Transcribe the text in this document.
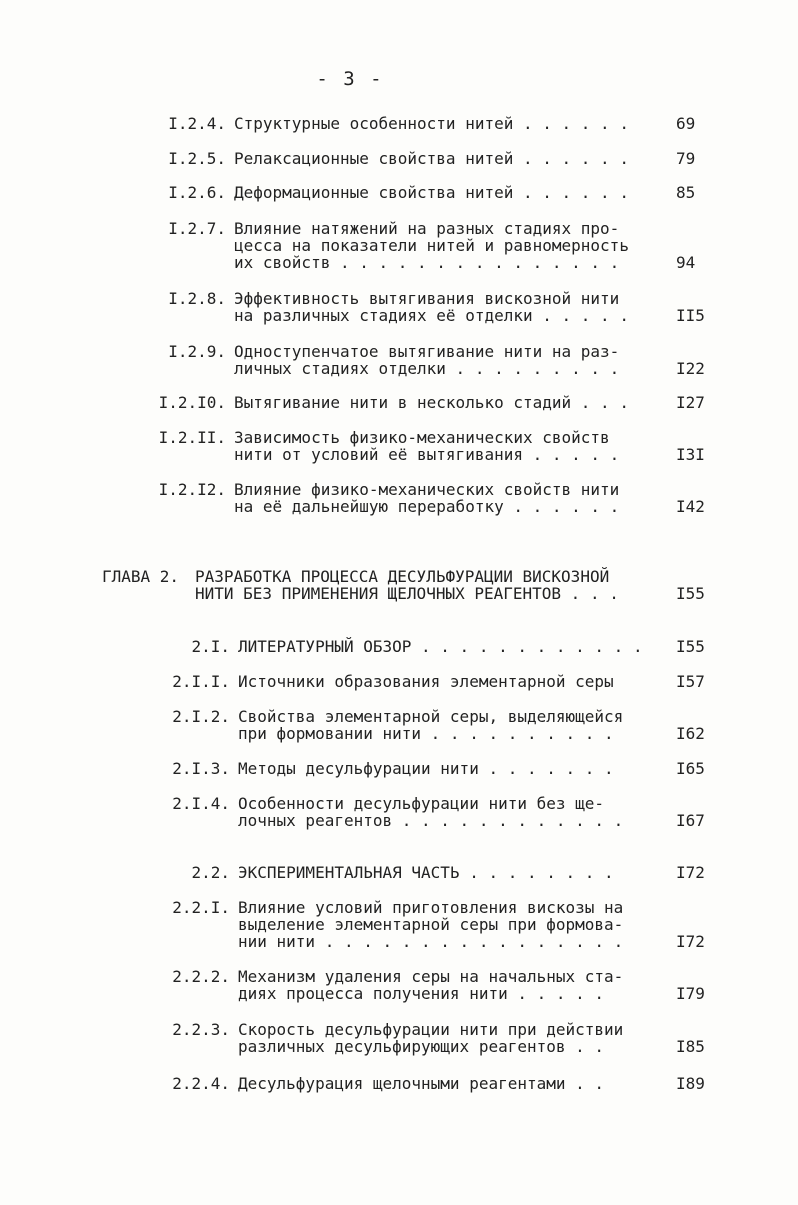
- 3 -
I.2.4. Структурные особенности нитей . . . . . .	69
I.2.5. Релаксационные свойства нитей . . . . . .	79
I.2.6. Деформационные свойства нитей . . . . . .	85
I.2.7. Влияние натяжений на разных стадиях про-
цесса на показатели нитей и равномерность
их свойств . . . . . . . . . . . . . . .	94
I.2.8. Эффективность вытягивания вискозной нити
на различных стадиях её отделки . . . . .	II5
I.2.9. Одноступенчатое вытягивание нити на раз-
личных стадиях отделки . . . . . . . . .	I22
I.2.I0. Вытягивание нити в несколько стадий . . .	I27
I.2.II. Зависимость физико-механических свойств
нити от условий её вытягивания . . . . .	I3I
I.2.I2. Влияние физико-механических свойств нити
на её дальнейшую переработку . . . . . .	I42
ГЛАВА 2. РАЗРАБОТКА ПРОЦЕССА ДЕСУЛЬФУРАЦИИ ВИСКОЗНОЙ
НИТИ БЕЗ ПРИМЕНЕНИЯ ЩЕЛОЧНЫХ РЕАГЕНТОВ . . .	I55
2.I. ЛИТЕРАТУРНЫЙ ОБЗОР . . . . . . . . . . . . I55
2.I.I. Источники образования элементарной серы	I57
2.I.2. Свойства элементарной серы, выделяющейся
при формовании нити . . . . . . . . . .	I62
2.I.3. Методы десульфурации нити . . . . . . .	I65
2.I.4. Особенности десульфурации нити без ще-
лочных реагентов . . . . . . . . . . . .	I67
2.2. ЭКСПЕРИМЕНТАЛЬНАЯ ЧАСТЬ . . . . . . . .	I72
2.2.I. Влияние условий приготовления вискозы на
выделение элементарной серы при формова-
нии нити . . . . . . . . . . . . . . . .	I72
2.2.2. Механизм удаления серы на начальных ста-
диях процесса получения нити . . . . .	I79
2.2.3. Скорость десульфурации нити при действии
различных десульфирующих реагентов . .	I85
2.2.4. Десульфурация щелочными реагентами . .	I89
